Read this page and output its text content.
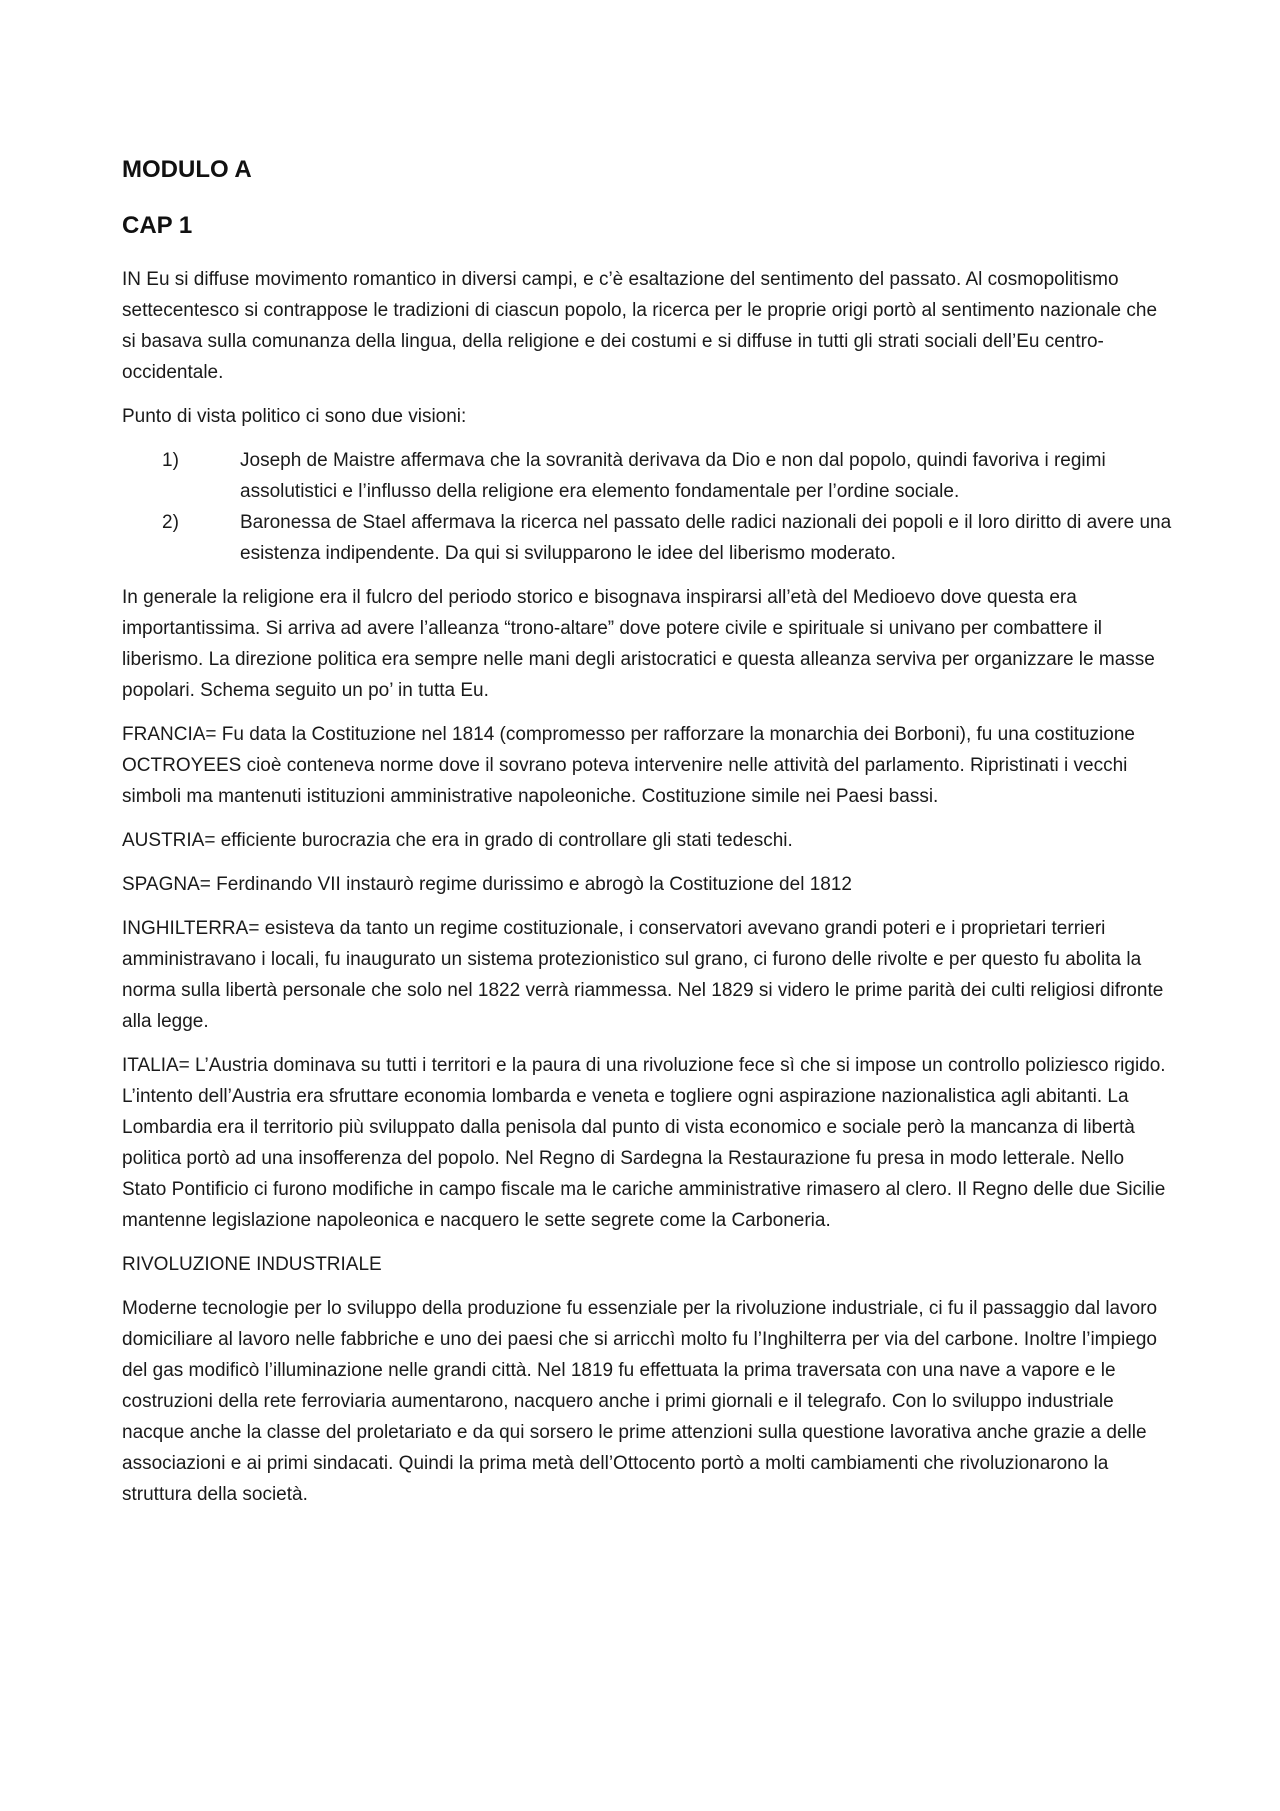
MODULO A
CAP 1

IN Eu si diffuse movimento romantico in diversi campi, e c’è esaltazione del sentimento del passato. Al cosmopolitismo settecentesco si contrappose le tradizioni di ciascun popolo, la ricerca per le proprie origi portò al sentimento nazionale che si basava sulla comunanza della lingua, della religione e dei costumi e si diffuse in tutti gli strati sociali dell’Eu centro-occidentale.

Punto di vista politico ci sono due visioni:

1)	Joseph de Maistre affermava che la sovranità derivava da Dio e non dal popolo, quindi favoriva i regimi assolutistici e l’influsso della religione era elemento fondamentale per l’ordine sociale.
2)	Baronessa de Stael affermava la ricerca nel passato delle radici nazionali dei popoli e il loro diritto di avere una esistenza indipendente. Da qui si svilupparono le idee del liberismo moderato.

In generale la religione era il fulcro del periodo storico e bisognava inspirarsi all’età del Medioevo dove questa era importantissima. Si arriva ad avere l’alleanza “trono-altare” dove potere civile e spirituale si univano per combattere il liberismo. La direzione politica era sempre nelle mani degli aristocratici e questa alleanza serviva per organizzare le masse popolari. Schema seguito un po’ in tutta Eu.

FRANCIA= Fu data la Costituzione nel 1814 (compromesso per rafforzare la monarchia dei Borboni), fu una costituzione OCTROYEES cioè conteneva norme dove il sovrano poteva intervenire nelle attività del parlamento. Ripristinati i vecchi simboli ma mantenuti istituzioni amministrative napoleoniche. Costituzione simile nei Paesi bassi.

AUSTRIA= efficiente burocrazia che era in grado di controllare gli stati tedeschi.

SPAGNA= Ferdinando VII instaurò regime durissimo e abrogò la Costituzione del 1812

INGHILTERRA= esisteva da tanto un regime costituzionale, i conservatori avevano grandi poteri e i proprietari terrieri amministravano i locali, fu inaugurato un sistema protezionistico sul grano, ci furono delle rivolte e per questo fu abolita la norma sulla libertà personale che solo nel 1822 verrà riammessa. Nel 1829 si videro le prime parità dei culti religiosi difronte alla legge.

ITALIA= L’Austria dominava su tutti i territori e la paura di una rivoluzione fece sì che si impose un controllo poliziesco rigido. L’intento dell’Austria era sfruttare economia lombarda e veneta e togliere ogni aspirazione nazionalistica agli abitanti. La Lombardia era il territorio più sviluppato dalla penisola dal punto di vista economico e sociale però la mancanza di libertà politica portò ad una insofferenza del popolo. Nel Regno di Sardegna la Restaurazione fu presa in modo letterale. Nello Stato Pontificio ci furono modifiche in campo fiscale ma le cariche amministrative rimasero al clero. Il Regno delle due Sicilie mantenne legislazione napoleonica e nacquero le sette segrete come la Carboneria.

RIVOLUZIONE INDUSTRIALE

Moderne tecnologie per lo sviluppo della produzione fu essenziale per la rivoluzione industriale, ci fu il passaggio dal lavoro domiciliare al lavoro nelle fabbriche e uno dei paesi che si arricchì molto fu l’Inghilterra per via del carbone. Inoltre l’impiego del gas modificò l’illuminazione nelle grandi città. Nel 1819 fu effettuata la prima traversata con una nave a vapore e le costruzioni della rete ferroviaria aumentarono, nacquero anche i primi giornali e il telegrafo. Con lo sviluppo industriale nacque anche la classe del proletariato e da qui sorsero le prime attenzioni sulla questione lavorativa anche grazie a delle associazioni e ai primi sindacati. Quindi la prima metà dell’Ottocento portò a molti cambiamenti che rivoluzionarono la struttura della società.
